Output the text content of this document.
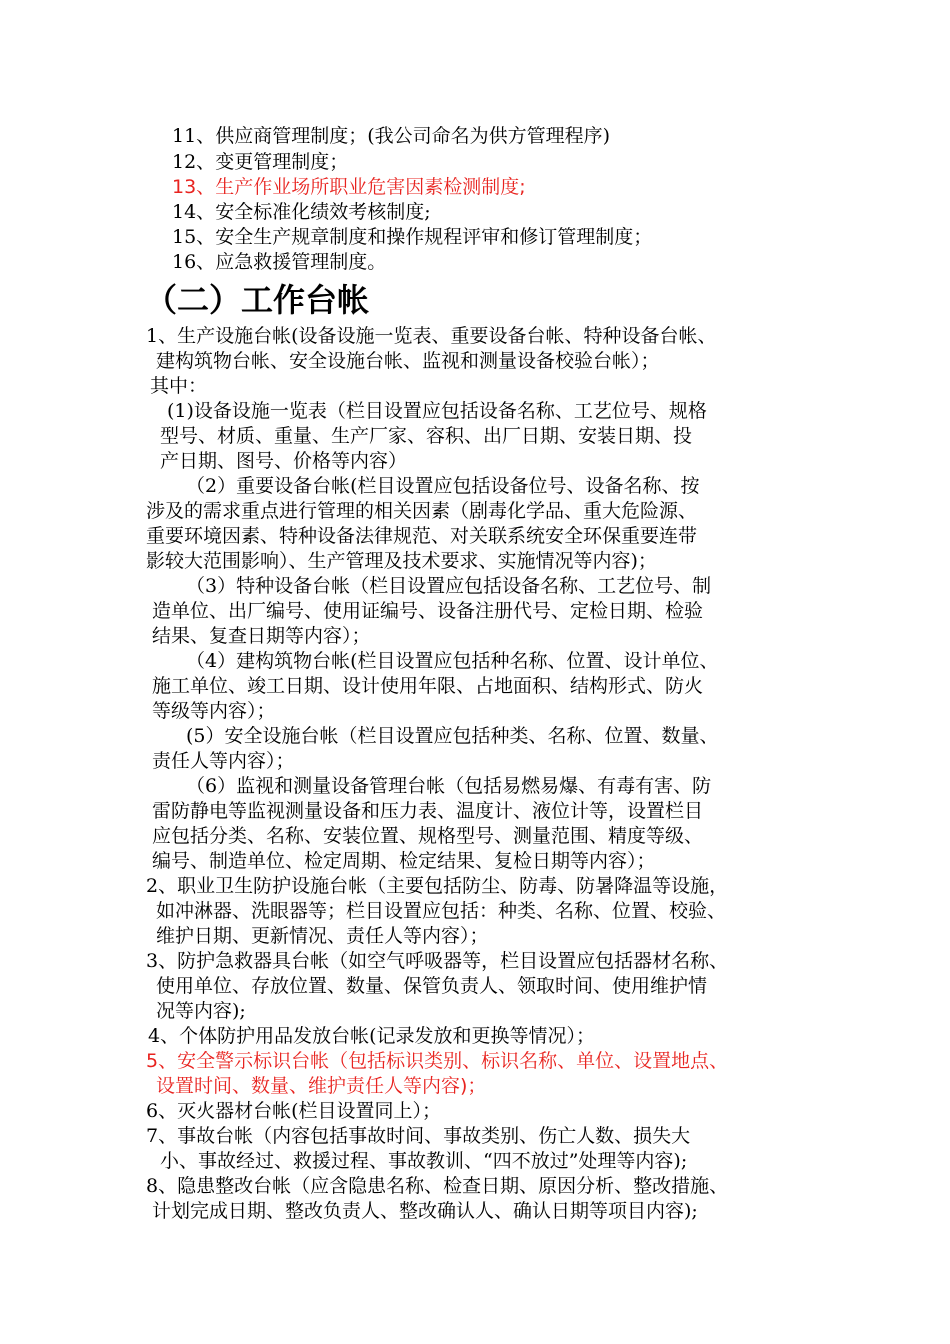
11、供应商管理制度；(我公司命名为供方管理程序)
12、变更管理制度；
13、生产作业场所职业危害因素检测制度;
14、安全标准化绩效考核制度;
15、安全生产规章制度和操作规程评审和修订管理制度；
16、应急救援管理制度。
（二）工作台帐
1、生产设施台帐(设备设施一览表、重要设备台帐、特种设备台帐、
建构筑物台帐、安全设施台帐、监视和测量设备校验台帐）；
其中：
(1)设备设施一览表（栏目设置应包括设备名称、工艺位号、规格
型号、材质、重量、生产厂家、容积、出厂日期、安装日期、投
产日期、图号、价格等内容）
（2）重要设备台帐(栏目设置应包括设备位号、设备名称、按
涉及的需求重点进行管理的相关因素（剧毒化学品、重大危险源、
重要环境因素、特种设备法律规范、对关联系统安全环保重要连带
影较大范围影响）、生产管理及技术要求、实施情况等内容)；
（3）特种设备台帐（栏目设置应包括设备名称、工艺位号、制
造单位、出厂编号、使用证编号、设备注册代号、定检日期、检验
结果、复查日期等内容）；
（4）建构筑物台帐(栏目设置应包括种名称、位置、设计单位、
施工单位、竣工日期、设计使用年限、占地面积、结构形式、防火
等级等内容）；
(5）安全设施台帐（栏目设置应包括种类、名称、位置、数量、
责任人等内容）；
（6）监视和测量设备管理台帐（包括易燃易爆、有毒有害、防
雷防静电等监视测量设备和压力表、温度计、液位计等，设置栏目
应包括分类、名称、安装位置、规格型号、测量范围、精度等级、
编号、制造单位、检定周期、检定结果、复检日期等内容）；
2、职业卫生防护设施台帐（主要包括防尘、防毒、防暑降温等设施，
如冲淋器、洗眼器等；栏目设置应包括：种类、名称、位置、校验、
维护日期、更新情况、责任人等内容）；
3、防护急救器具台帐（如空气呼吸器等，栏目设置应包括器材名称、
使用单位、存放位置、数量、保管负责人、领取时间、使用维护情
况等内容);
4、个体防护用品发放台帐(记录发放和更换等情况）；
5、安全警示标识台帐（包括标识类别、标识名称、单位、设置地点、
设置时间、数量、维护责任人等内容)；
6、灭火器材台帐(栏目设置同上）；
7、事故台帐（内容包括事故时间、事故类别、伤亡人数、损失大
小、事故经过、救援过程、事故教训、“四不放过”处理等内容);
8、隐患整改台帐（应含隐患名称、检查日期、原因分析、整改措施、
计划完成日期、整改负责人、整改确认人、确认日期等项目内容);
